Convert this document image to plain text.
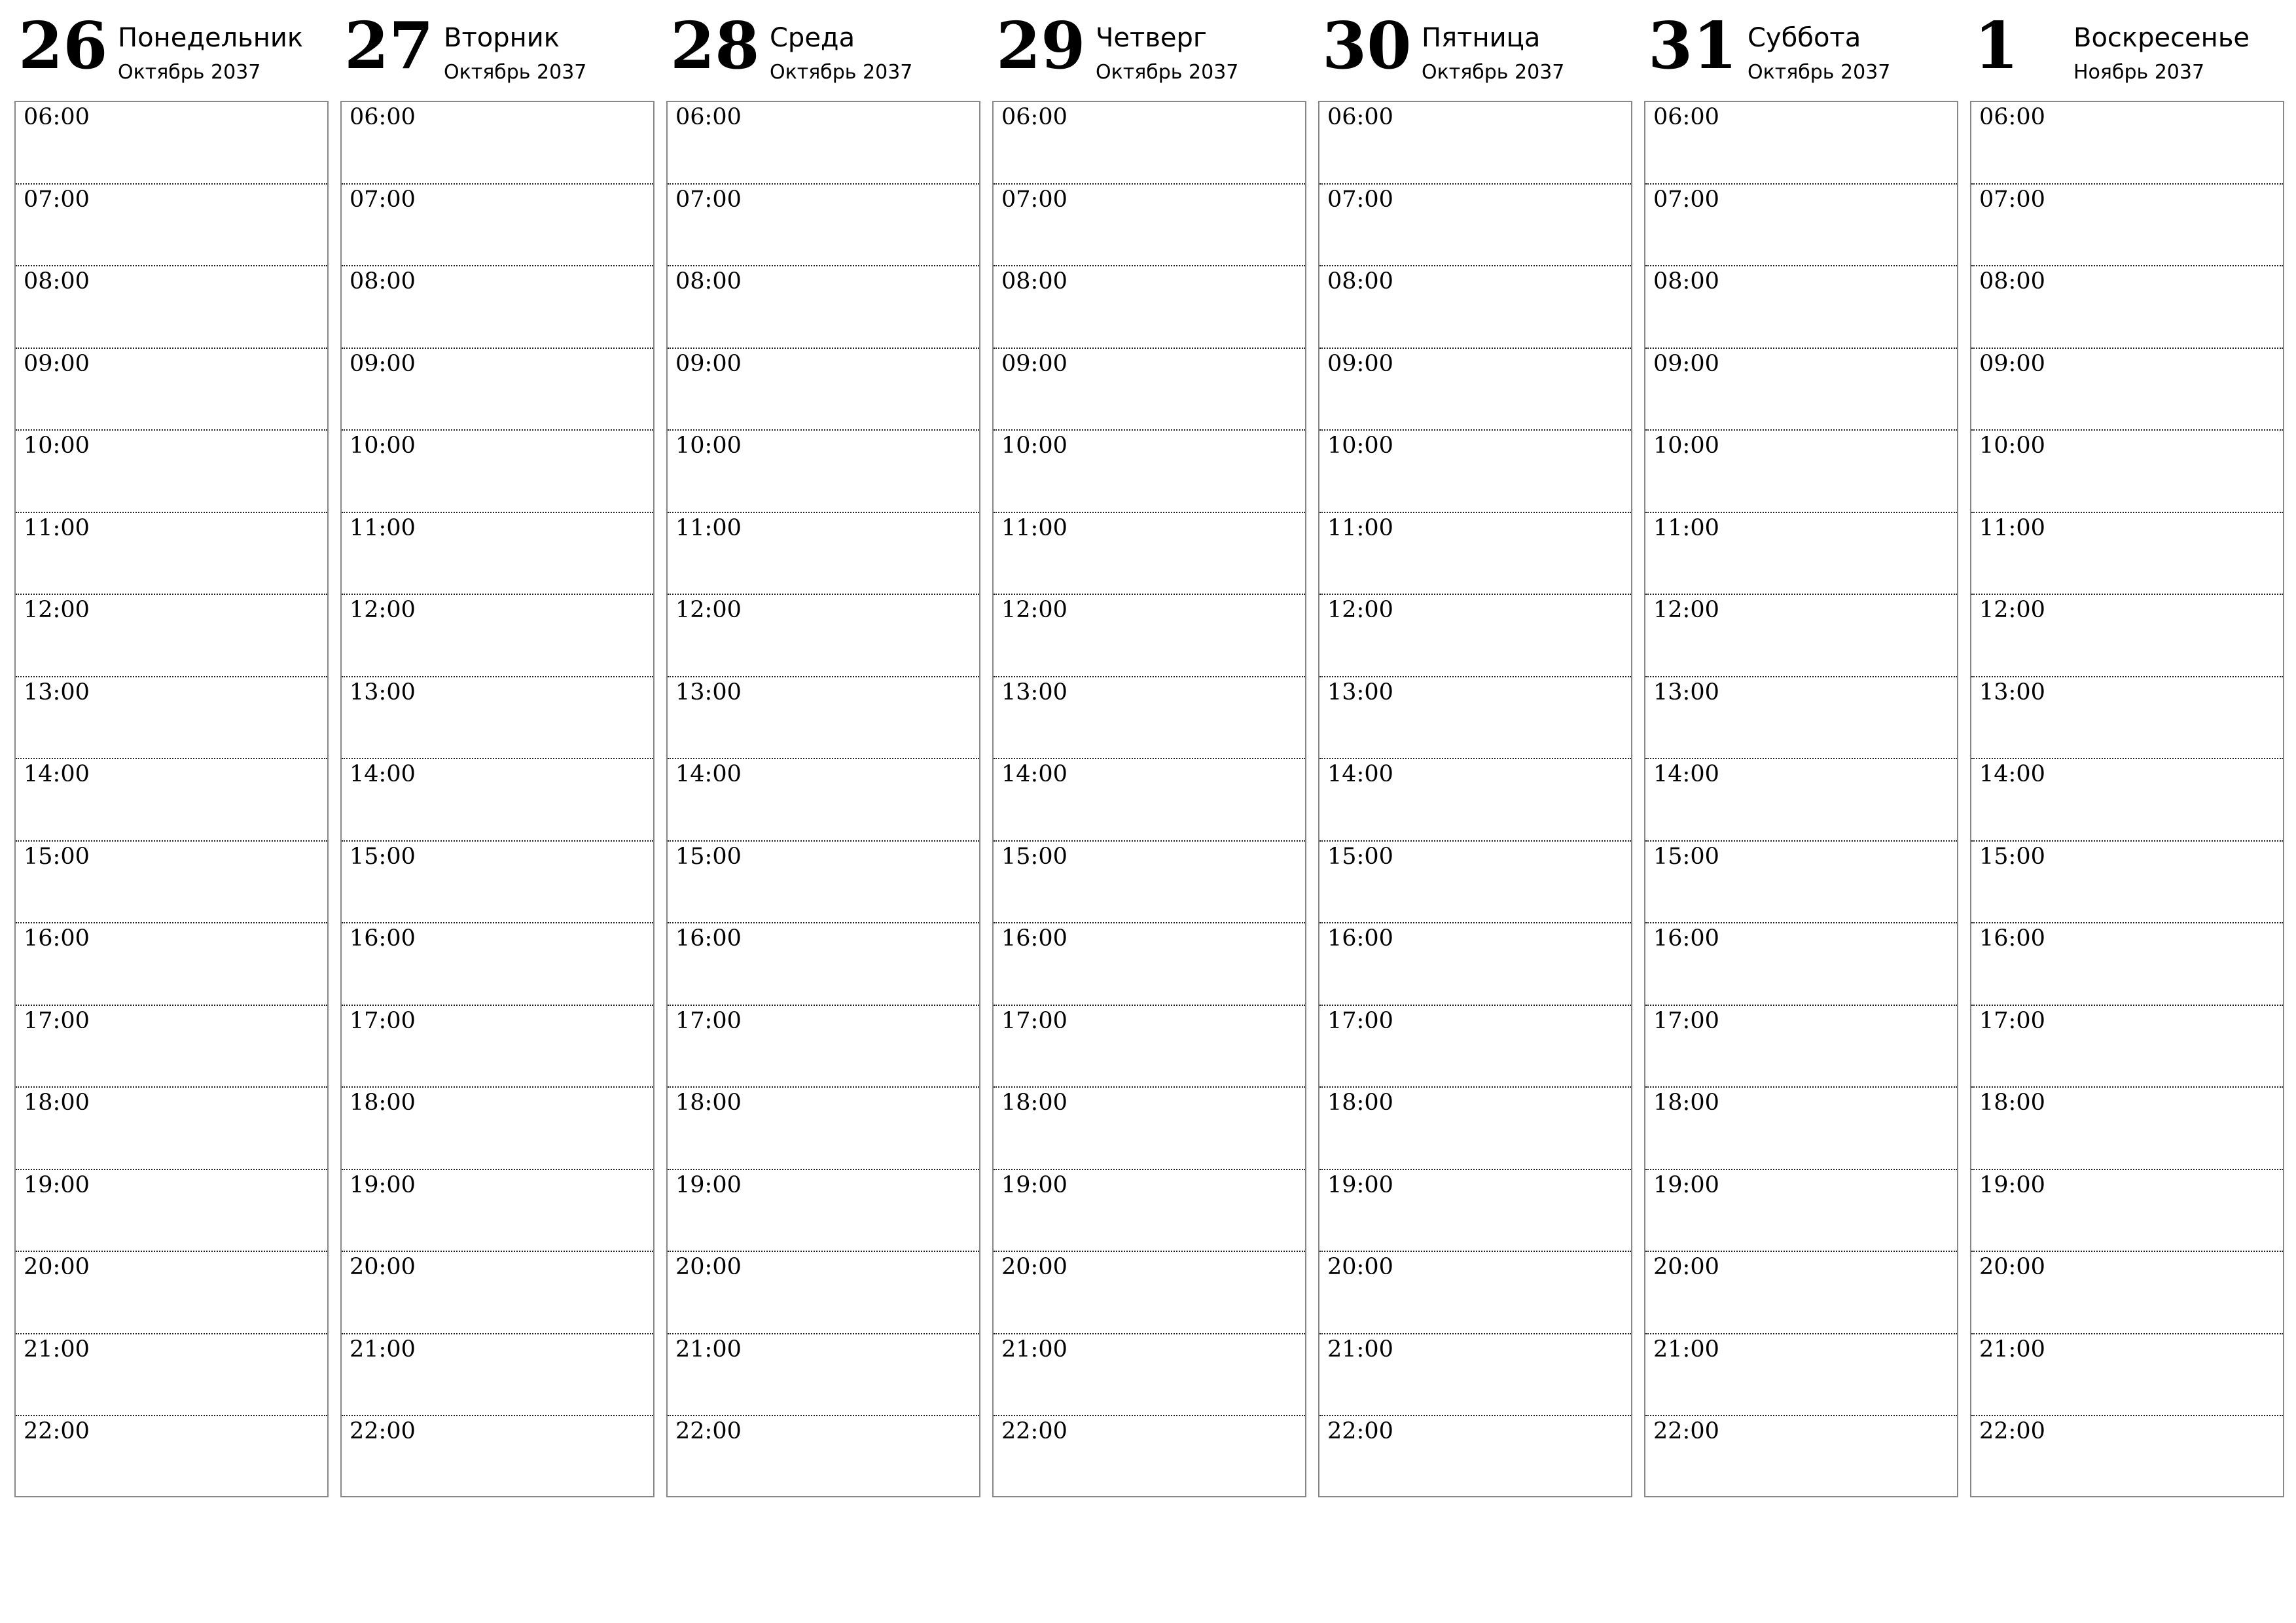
26 Понедельник
Октябрь 2037
06:00
07:00
08:00
09:00
10:00
11:00
12:00
13:00
14:00
15:00
16:00
17:00
18:00
19:00
20:00
21:00
22:00
27 Вторник
Октябрь 2037
06:00
07:00
08:00
09:00
10:00
11:00
12:00
13:00
14:00
15:00
16:00
17:00
18:00
19:00
20:00
21:00
22:00
28 Среда
Октябрь 2037
06:00
07:00
08:00
09:00
10:00
11:00
12:00
13:00
14:00
15:00
16:00
17:00
18:00
19:00
20:00
21:00
22:00
29 Четверг
Октябрь 2037
06:00
07:00
08:00
09:00
10:00
11:00
12:00
13:00
14:00
15:00
16:00
17:00
18:00
19:00
20:00
21:00
22:00
30 Пятница
Октябрь 2037
06:00
07:00
08:00
09:00
10:00
11:00
12:00
13:00
14:00
15:00
16:00
17:00
18:00
19:00
20:00
21:00
22:00
31 Суббота
Октябрь 2037
06:00
07:00
08:00
09:00
10:00
11:00
12:00
13:00
14:00
15:00
16:00
17:00
18:00
19:00
20:00
21:00
22:00
1 Воскресенье
Ноябрь 2037
06:00
07:00
08:00
09:00
10:00
11:00
12:00
13:00
14:00
15:00
16:00
17:00
18:00
19:00
20:00
21:00
22:00
